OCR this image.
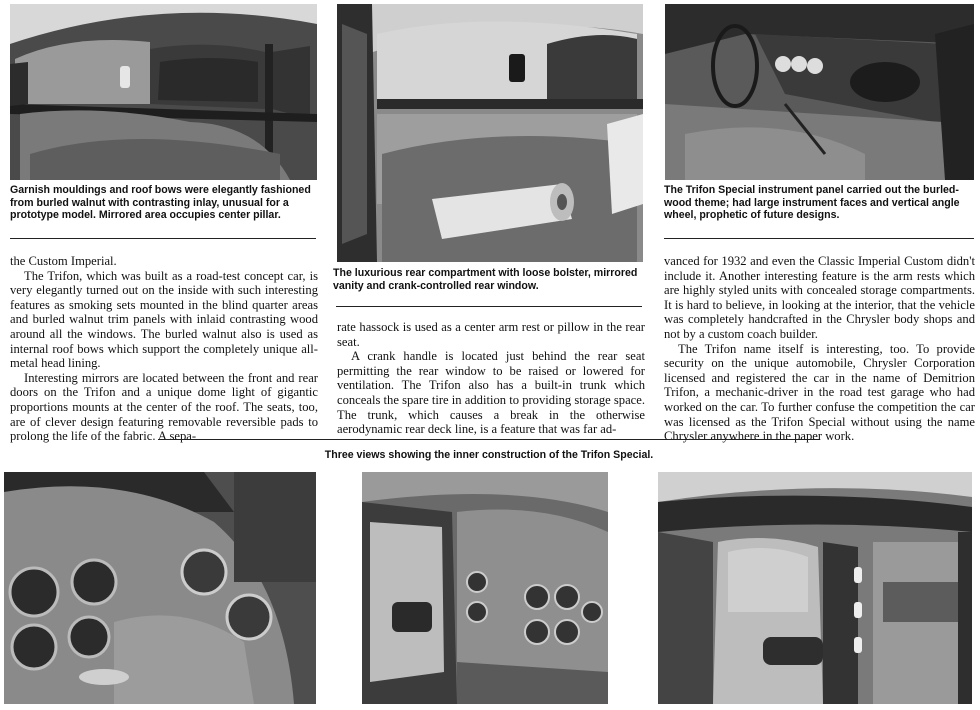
Garnish mouldings and roof bows were elegantly fashioned from burled walnut with contrasting inlay, unusual for a prototype model. Mirrored area occupies center pillar.

The luxurious rear compartment with loose bolster, mirrored vanity and crank-controlled rear window.

The Trifon Special instrument panel carried out the burled-wood theme; had large instrument faces and vertical angle wheel, prophetic of future designs.

the Custom Imperial.

The Trifon, which was built as a road-test concept car, is very elegantly turned out on the inside with such interesting features as smoking sets mounted in the blind quarter areas and burled walnut trim panels with inlaid contrasting wood around all the windows. The burled walnut also is used as internal roof bows which support the completely unique all-metal head lining.

Interesting mirrors are located between the front and rear doors on the Trifon and a unique dome light of gigantic proportions mounts at the center of the roof. The seats, too, are of clever design featuring removable reversible pads to prolong the life of the fabric. A sepa-

rate hassock is used as a center arm rest or pillow in the rear seat.

A crank handle is located just behind the rear seat permitting the rear window to be raised or lowered for ventilation. The Trifon also has a built-in trunk which conceals the spare tire in addition to providing storage space. The trunk, which causes a break in the otherwise aerodynamic rear deck line, is a feature that was far ad-

vanced for 1932 and even the Classic Imperial Custom didn't include it. Another interesting feature is the arm rests which are highly styled units with concealed storage compartments. It is hard to believe, in looking at the interior, that the vehicle was completely handcrafted in the Chrysler body shops and not by a custom coach builder.

The Trifon name itself is interesting, too. To provide security on the unique automobile, Chrysler Corporation licensed and registered the car in the name of Demitrion Trifon, a mechanic-driver in the road test garage who had worked on the car. To further confuse the competition the car was licensed as the Trifon Special without using the name Chrysler anywhere in the paper work.

Three views showing the inner construction of the Trifon Special.
